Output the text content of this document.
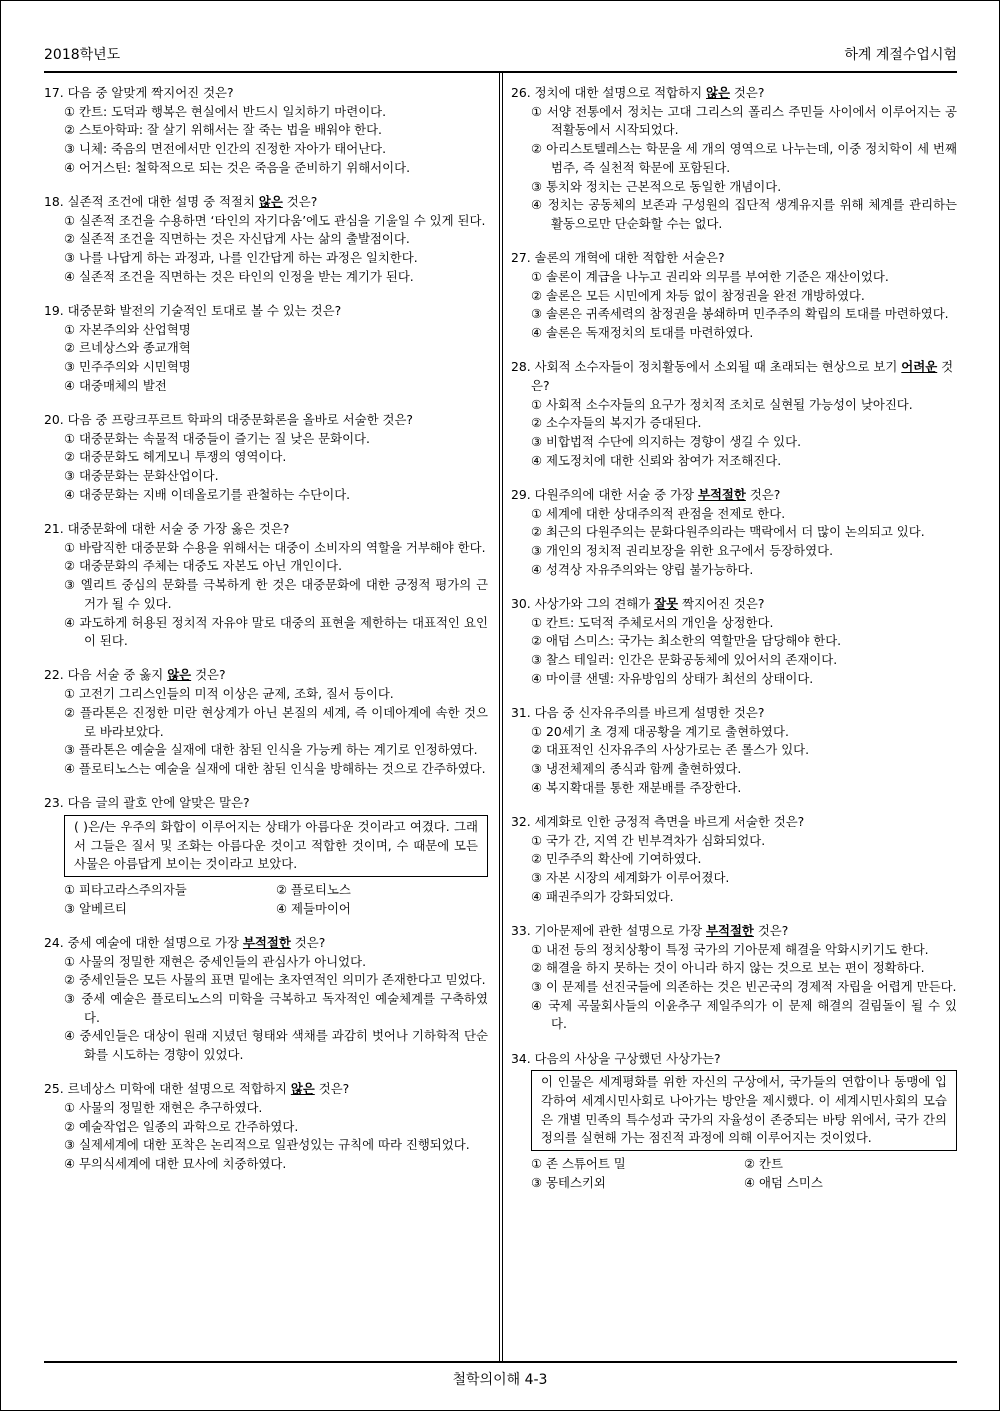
2018학년도	하계 계절수업시험
17. 다음 중 알맞게 짝지어진 것은?
① 칸트: 도덕과 행복은 현실에서 반드시 일치하기 마련이다.
② 스토아학파: 잘 살기 위해서는 잘 죽는 법을 배워야 한다.
③ 니체: 죽음의 면전에서만 인간의 진정한 자아가 태어난다.
④ 어거스틴: 철학적으로 되는 것은 죽음을 준비하기 위해서이다.
18. 실존적 조건에 대한 설명 중 적절치 않은 것은?
① 실존적 조건을 수용하면 ‘타인의 자기다움’에도 관심을 기울일 수 있게 된다.
② 실존적 조건을 직면하는 것은 자신답게 사는 삶의 출발점이다.
③ 나를 나답게 하는 과정과, 나를 인간답게 하는 과정은 일치한다.
④ 실존적 조건을 직면하는 것은 타인의 인정을 받는 계기가 된다.
19. 대중문화 발전의 기술적인 토대로 볼 수 있는 것은?
① 자본주의와 산업혁명
② 르네상스와 종교개혁
③ 민주주의와 시민혁명
④ 대중매체의 발전
20. 다음 중 프랑크푸르트 학파의 대중문화론을 올바로 서술한 것은?
① 대중문화는 속물적 대중들이 즐기는 질 낮은 문화이다.
② 대중문화도 헤게모니 투쟁의 영역이다.
③ 대중문화는 문화산업이다.
④ 대중문화는 지배 이데올로기를 관철하는 수단이다.
21. 대중문화에 대한 서술 중 가장 옳은 것은?
① 바람직한 대중문화 수용을 위해서는 대중이 소비자의 역할을 거부해야 한다.
② 대중문화의 주체는 대중도 자본도 아닌 개인이다.
③ 엘리트 중심의 문화를 극복하게 한 것은 대중문화에 대한 긍정적 평가의 근거가 될 수 있다.
④ 과도하게 허용된 정치적 자유야 말로 대중의 표현을 제한하는 대표적인 요인이 된다.
22. 다음 서술 중 옳지 않은 것은?
① 고전기 그리스인들의 미적 이상은 균제, 조화, 질서 등이다.
② 플라톤은 진정한 미란 현상계가 아닌 본질의 세계, 즉 이데아계에 속한 것으로 바라보았다.
③ 플라톤은 예술을 실재에 대한 참된 인식을 가능케 하는 계기로 인정하였다.
④ 플로티노스는 예술을 실재에 대한 참된 인식을 방해하는 것으로 간주하였다.
23. 다음 글의 괄호 안에 알맞은 말은?
( )은/는 우주의 화합이 이루어지는 상태가 아름다운 것이라고 여겼다. 그래서 그들은 질서 및 조화는 아름다운 것이고 적합한 것이며, 수 때문에 모든 사물은 아름답게 보이는 것이라고 보았다.
① 피타고라스주의자들	② 플로티노스
③ 알베르티	④ 제들마이어
24. 중세 예술에 대한 설명으로 가장 부적절한 것은?
① 사물의 정밀한 재현은 중세인들의 관심사가 아니었다.
② 중세인들은 모든 사물의 표면 밑에는 초자연적인 의미가 존재한다고 믿었다.
③ 중세 예술은 플로티노스의 미학을 극복하고 독자적인 예술체계를 구축하였다.
④ 중세인들은 대상이 원래 지녔던 형태와 색채를 과감히 벗어나 기하학적 단순화를 시도하는 경향이 있었다.
25. 르네상스 미학에 대한 설명으로 적합하지 않은 것은?
① 사물의 정밀한 재현은 추구하였다.
② 예술작업은 일종의 과학으로 간주하였다.
③ 실제세계에 대한 포착은 논리적으로 일관성있는 규칙에 따라 진행되었다.
④ 무의식세계에 대한 묘사에 치중하였다.
26. 정치에 대한 설명으로 적합하지 않은 것은?
① 서양 전통에서 정치는 고대 그리스의 폴리스 주민들 사이에서 이루어지는 공적활동에서 시작되었다.
② 아리스토텔레스는 학문을 세 개의 영역으로 나누는데, 이중 정치학이 세 번째 범주, 즉 실천적 학문에 포함된다.
③ 통치와 정치는 근본적으로 동일한 개념이다.
④ 정치는 공동체의 보존과 구성원의 집단적 생계유지를 위해 체계를 관리하는 활동으로만 단순화할 수는 없다.
27. 솔론의 개혁에 대한 적합한 서술은?
① 솔론이 계급을 나누고 권리와 의무를 부여한 기준은 재산이었다.
② 솔론은 모든 시민에게 차등 없이 참정권을 완전 개방하였다.
③ 솔론은 귀족세력의 참정권을 봉쇄하며 민주주의 확립의 토대를 마련하였다.
④ 솔론은 독재정치의 토대를 마련하였다.
28. 사회적 소수자들이 정치활동에서 소외될 때 초래되는 현상으로 보기 어려운 것은?
① 사회적 소수자들의 요구가 정치적 조치로 실현될 가능성이 낮아진다.
② 소수자들의 복지가 증대된다.
③ 비합법적 수단에 의지하는 경향이 생길 수 있다.
④ 제도정치에 대한 신뢰와 참여가 저조해진다.
29. 다원주의에 대한 서술 중 가장 부적절한 것은?
① 세계에 대한 상대주의적 관점을 전제로 한다.
② 최근의 다원주의는 문화다원주의라는 맥락에서 더 많이 논의되고 있다.
③ 개인의 정치적 권리보장을 위한 요구에서 등장하였다.
④ 성격상 자유주의와는 양립 불가능하다.
30. 사상가와 그의 견해가 잘못 짝지어진 것은?
① 칸트: 도덕적 주체로서의 개인을 상정한다.
② 애덤 스미스: 국가는 최소한의 역할만을 담당해야 한다.
③ 찰스 테일러: 인간은 문화공동체에 있어서의 존재이다.
④ 마이클 샌델: 자유방임의 상태가 최선의 상태이다.
31. 다음 중 신자유주의를 바르게 설명한 것은?
① 20세기 초 경제 대공황을 계기로 출현하였다.
② 대표적인 신자유주의 사상가로는 존 롤스가 있다.
③ 냉전체제의 종식과 함께 출현하였다.
④ 복지확대를 통한 재분배를 주장한다.
32. 세계화로 인한 긍정적 측면을 바르게 서술한 것은?
① 국가 간, 지역 간 빈부격차가 심화되었다.
② 민주주의 확산에 기여하였다.
③ 자본 시장의 세계화가 이루어졌다.
④ 패권주의가 강화되었다.
33. 기아문제에 관한 설명으로 가장 부적절한 것은?
① 내전 등의 정치상황이 특정 국가의 기아문제 해결을 악화시키기도 한다.
② 해결을 하지 못하는 것이 아니라 하지 않는 것으로 보는 편이 정확하다.
③ 이 문제를 선진국들에 의존하는 것은 빈곤국의 경제적 자립을 어렵게 만든다.
④ 국제 곡물회사들의 이윤추구 제일주의가 이 문제 해결의 걸림돌이 될 수 있다.
34. 다음의 사상을 구상했던 사상가는?
이 인물은 세계평화를 위한 자신의 구상에서, 국가들의 연합이나 동맹에 입각하여 세계시민사회로 나아가는 방안을 제시했다. 이 세계시민사회의 모습은 개별 민족의 특수성과 국가의 자율성이 존중되는 바탕 위에서, 국가 간의 정의를 실현해 가는 점진적 과정에 의해 이루어지는 것이었다.
① 존 스튜어트 밀	② 칸트
③ 몽테스키외	④ 애덤 스미스
철학의이해 4-3
